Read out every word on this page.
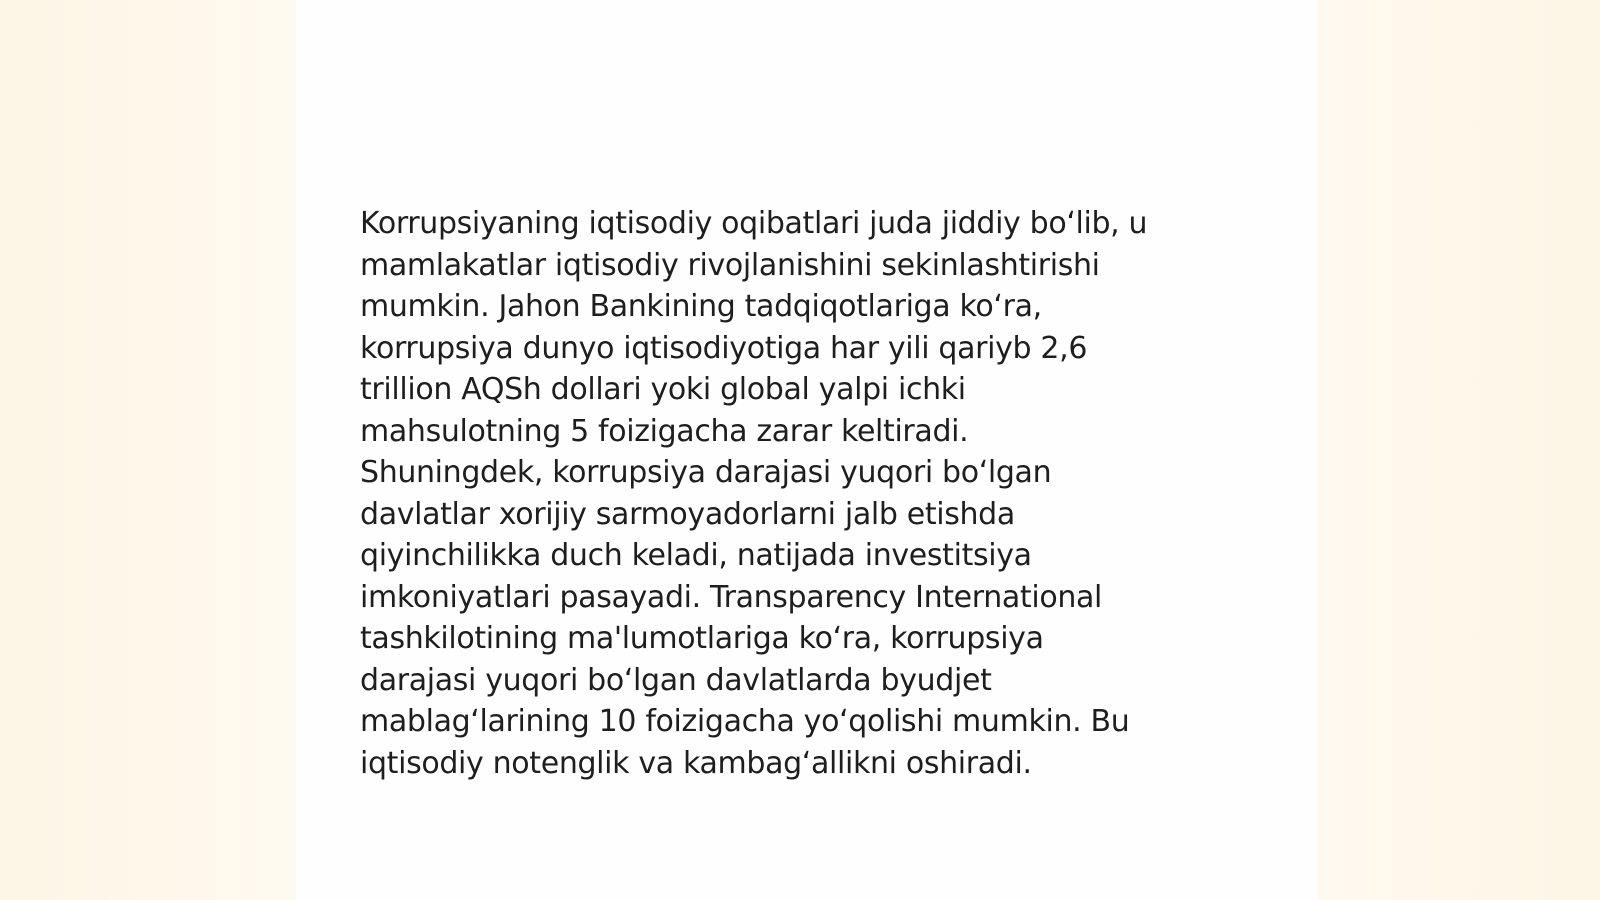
Korrupsiyaning iqtisodiy oqibatlari juda jiddiy bo‘lib, u
mamlakatlar iqtisodiy rivojlanishini sekinlashtirishi
mumkin. Jahon Bankining tadqiqotlariga ko‘ra,
korrupsiya dunyo iqtisodiyotiga har yili qariyb 2,6
trillion AQSh dollari yoki global yalpi ichki
mahsulotning 5 foizigacha zarar keltiradi.
Shuningdek, korrupsiya darajasi yuqori bo‘lgan
davlatlar xorijiy sarmoyadorlarni jalb etishda
qiyinchilikka duch keladi, natijada investitsiya
imkoniyatlari pasayadi. Transparency International
tashkilotining ma'lumotlariga ko‘ra, korrupsiya
darajasi yuqori bo‘lgan davlatlarda byudjet
mablag‘larining 10 foizigacha yo‘qolishi mumkin. Bu
iqtisodiy notenglik va kambag‘allikni oshiradi.
